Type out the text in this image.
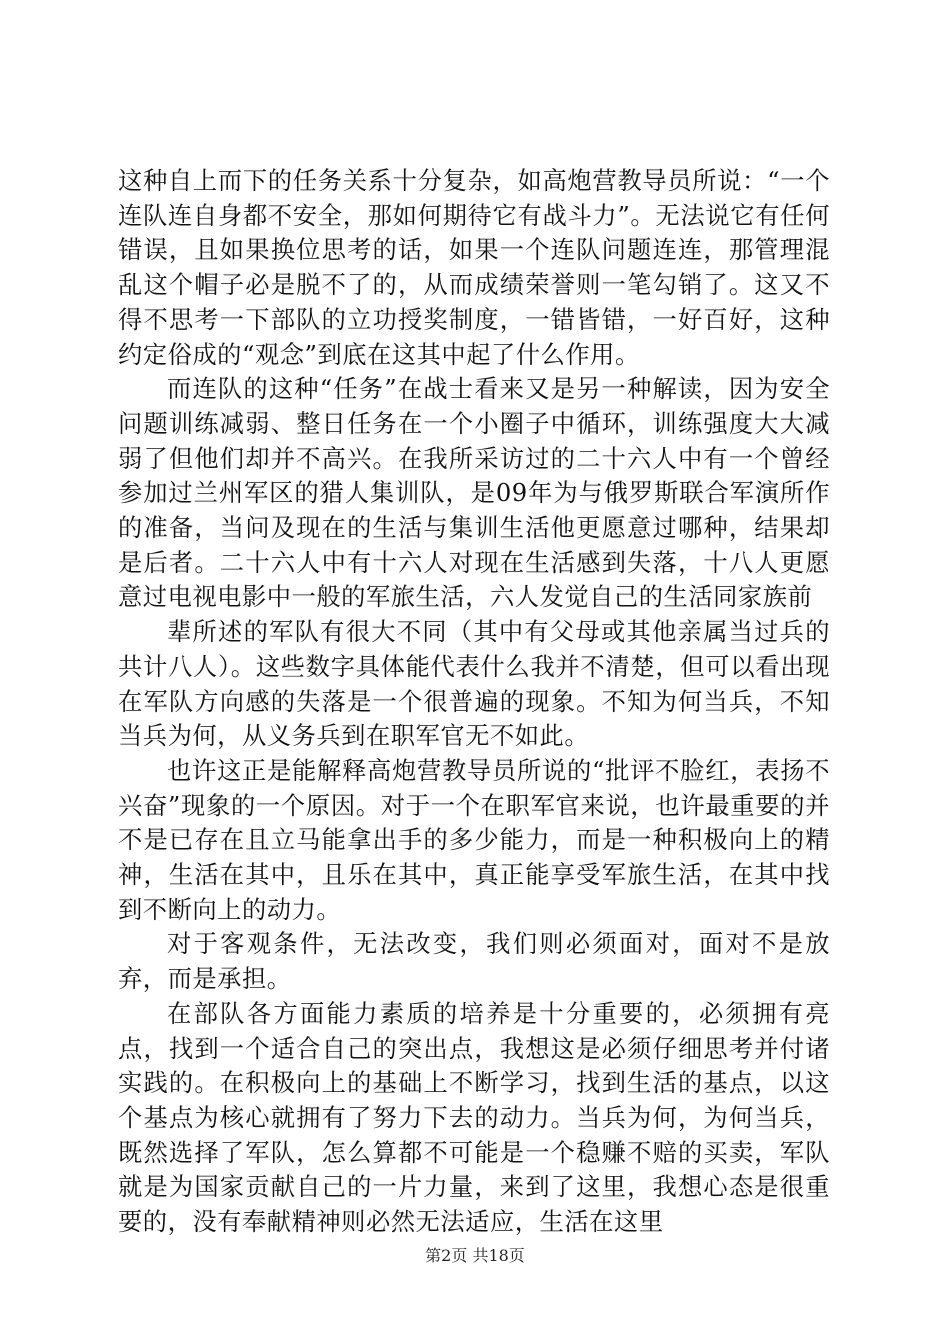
这种自上而下的任务关系十分复杂，如高炮营教导员所说：“一个连队连自身都不安全，那如何期待它有战斗力”。无法说它有任何错误，且如果换位思考的话，如果一个连队问题连连，那管理混乱这个帽子必是脱不了的，从而成绩荣誉则一笔勾销了。这又不得不思考一下部队的立功授奖制度，一错皆错，一好百好，这种约定俗成的“观念”到底在这其中起了什么作用。

而连队的这种“任务”在战士看来又是另一种解读，因为安全问题训练减弱、整日任务在一个小圈子中循环，训练强度大大减弱了但他们却并不高兴。在我所采访过的二十六人中有一个曾经参加过兰州军区的猎人集训队，是09年为与俄罗斯联合军演所作的准备，当问及现在的生活与集训生活他更愿意过哪种，结果却是后者。二十六人中有十六人对现在生活感到失落，十八人更愿意过电视电影中一般的军旅生活，六人发觉自己的生活同家族前

辈所述的军队有很大不同（其中有父母或其他亲属当过兵的共计八人）。这些数字具体能代表什么我并不清楚，但可以看出现在军队方向感的失落是一个很普遍的现象。不知为何当兵，不知当兵为何，从义务兵到在职军官无不如此。

也许这正是能解释高炮营教导员所说的“批评不脸红，表扬不兴奋”现象的一个原因。对于一个在职军官来说，也许最重要的并不是已存在且立马能拿出手的多少能力，而是一种积极向上的精神，生活在其中，且乐在其中，真正能享受军旅生活，在其中找到不断向上的动力。

对于客观条件，无法改变，我们则必须面对，面对不是放弃，而是承担。

在部队各方面能力素质的培养是十分重要的，必须拥有亮点，找到一个适合自己的突出点，我想这是必须仔细思考并付诸实践的。在积极向上的基础上不断学习，找到生活的基点，以这个基点为核心就拥有了努力下去的动力。当兵为何，为何当兵，既然选择了军队，怎么算都不可能是一个稳赚不赔的买卖，军队就是为国家贡献自己的一片力量，来到了这里，我想心态是很重要的，没有奉献精神则必然无法适应，生活在这里

第2页 共18页
